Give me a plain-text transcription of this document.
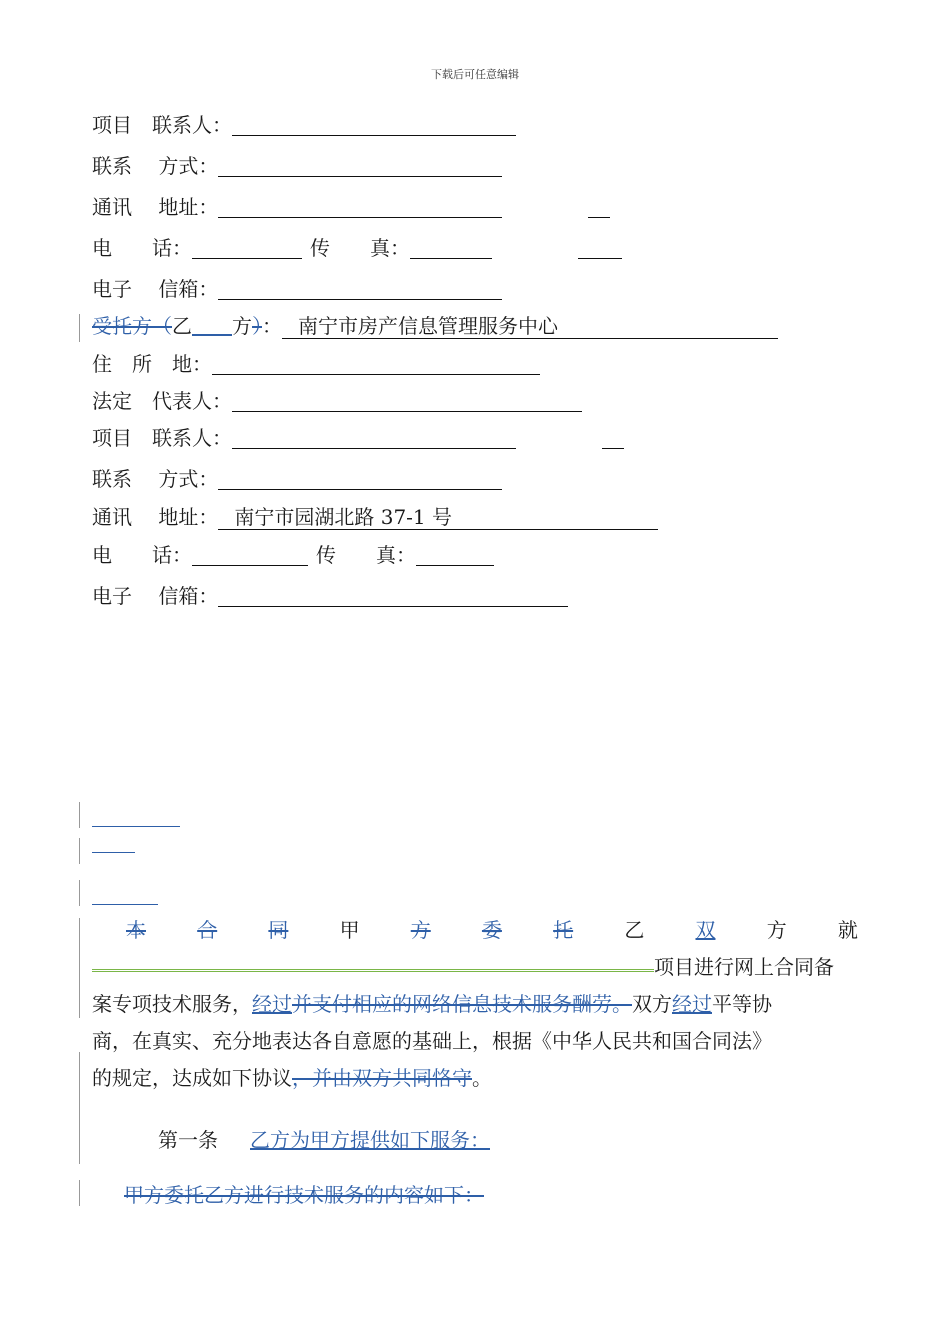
下载后可任意编辑
项目　联系人：
联系　 方式：
通讯　 地址：
电　　话：	传　　真：
电子　 信箱：
受托方（乙　　 方）： 南宁市房产信息管理服务中心
住　所　地：
法定　代表人：
项目　联系人：
联系　 方式：
通讯　 地址： 南宁市园湖北路 37-1 号
电　　话：	传　　真：
电子　 信箱：
本	合	同	甲	方	委	托	乙	双	方	就
项目进行网上合同备
案专项技术服务，经过并支付相应的网络信息技术服务酬劳。双方经过平等协
商，在真实、充分地表达各自意愿的基础上，根据《中华人民共和国合同法》
的规定，达成如下协议，并由双方共同恪守。
第一条 乙方为甲方提供如下服务：
甲方委托乙方进行技术服务的内容如下：
